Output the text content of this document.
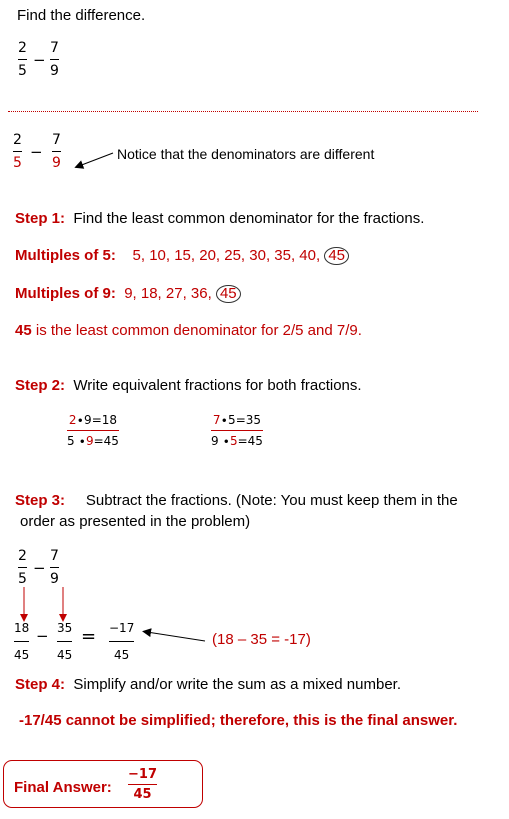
Find the difference.
2
5
−
7
9
2
5
−
7
9
Notice that the denominators are different
Step 1: Find the least common denominator for the fractions.
Multiples of 5: 5, 10, 15, 20, 25, 30, 35, 40, 45
Multiples of 9: 9, 18, 27, 36, 45
45 is the least common denominator for 2/5 and 7/9.
Step 2: Write equivalent fractions for both fractions.
2∙9=18
5 ∙9=45
7∙5=35
9 ∙5=45
Step 3: Subtract the fractions. (Note: You must keep them in the
order as presented in the problem)
2
5
−
7
9
18
45
− 35
45
= −17
45
(18 – 35 = -17)
Step 4: Simplify and/or write the sum as a mixed number.
-17/45 cannot be simplified; therefore, this is the final answer.
Final Answer:
−17
45
